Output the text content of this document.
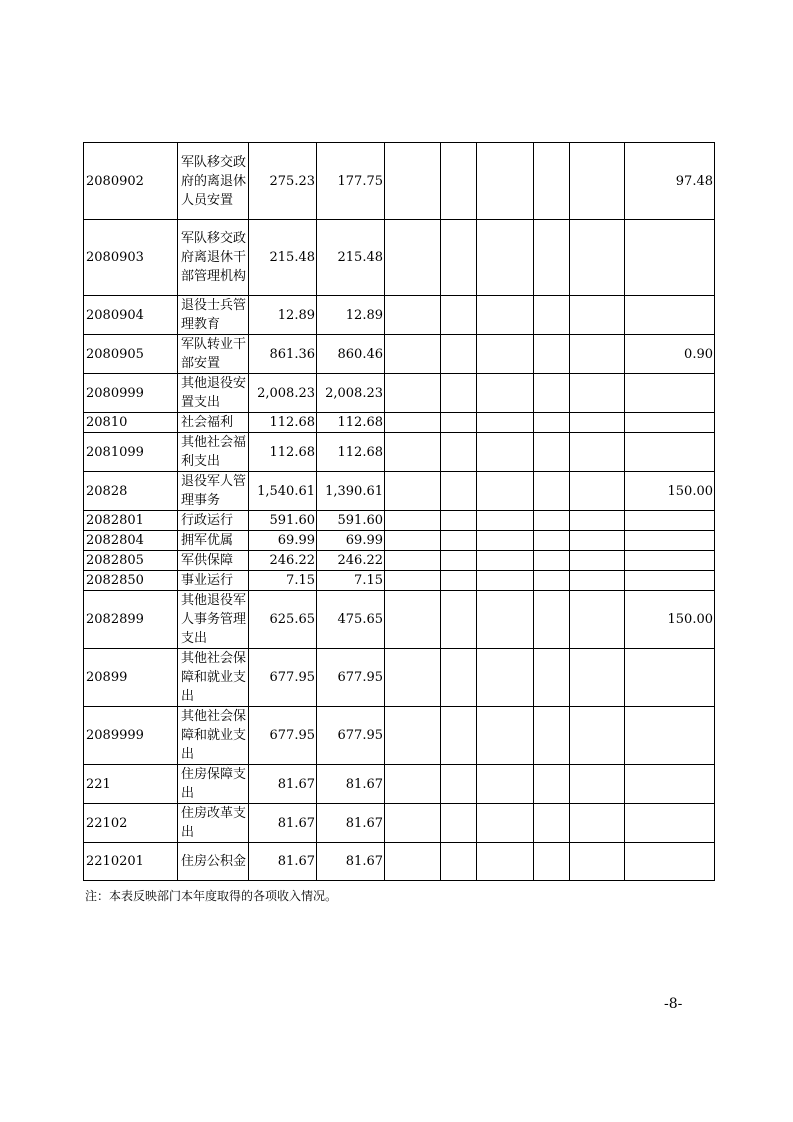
2080902	军队移交政府的离退休人员安置	275.23	177.75						97.48
2080903	军队移交政府离退休干部管理机构	215.48	215.48						
2080904	退役士兵管理教育	12.89	12.89						
2080905	军队转业干部安置	861.36	860.46						0.90
2080999	其他退役安置支出	2,008.23	2,008.23						
20810	社会福利	112.68	112.68						
2081099	其他社会福利支出	112.68	112.68						
20828	退役军人管理事务	1,540.61	1,390.61						150.00
2082801	行政运行	591.60	591.60						
2082804	拥军优属	69.99	69.99						
2082805	军供保障	246.22	246.22						
2082850	事业运行	7.15	7.15						
2082899	其他退役军人事务管理支出	625.65	475.65						150.00
20899	其他社会保障和就业支出	677.95	677.95						
2089999	其他社会保障和就业支出	677.95	677.95						
221	住房保障支出	81.67	81.67						
22102	住房改革支出	81.67	81.67						
2210201	住房公积金	81.67	81.67						
注：本表反映部门本年度取得的各项收入情况。
-8-
